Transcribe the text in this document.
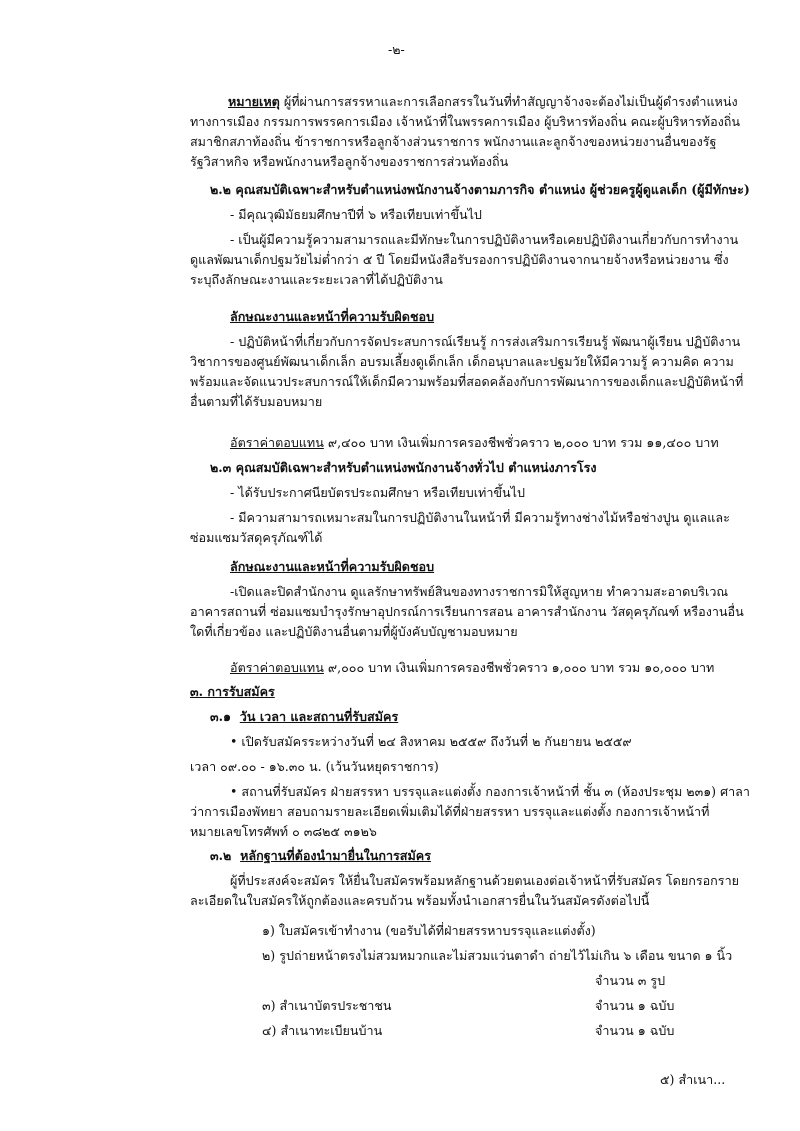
-๒-

หมายเหตุ ผู้ที่ผ่านการสรรหาและการเลือกสรรในวันที่ทำสัญญาจ้างจะต้องไม่เป็นผู้ดำรงตำแหน่งทางการเมือง กรรมการพรรคการเมือง เจ้าหน้าที่ในพรรคการเมือง ผู้บริหารท้องถิ่น คณะผู้บริหารท้องถิ่น สมาชิกสภาท้องถิ่น ข้าราชการหรือลูกจ้างส่วนราชการ พนักงานและลูกจ้างของหน่วยงานอื่นของรัฐ รัฐวิสาหกิจ หรือพนักงานหรือลูกจ้างของราชการส่วนท้องถิ่น

๒.๒ คุณสมบัติเฉพาะสำหรับตำแหน่งพนักงานจ้างตามภารกิจ ตำแหน่ง ผู้ช่วยครูผู้ดูแลเด็ก (ผู้มีทักษะ)
- มีคุณวุฒิมัธยมศึกษาปีที่ ๖ หรือเทียบเท่าขึ้นไป

- เป็นผู้มีความรู้ความสามารถและมีทักษะในการปฏิบัติงานหรือเคยปฏิบัติงานเกี่ยวกับการทำงานดูแลพัฒนาเด็กปฐมวัยไม่ต่ำกว่า ๕ ปี โดยมีหนังสือรับรองการปฏิบัติงานจากนายจ้างหรือหน่วยงาน ซึ่งระบุถึงลักษณะงานและระยะเวลาที่ได้ปฏิบัติงาน

ลักษณะงานและหน้าที่ความรับผิดชอบ

- ปฏิบัติหน้าที่เกี่ยวกับการจัดประสบการณ์เรียนรู้ การส่งเสริมการเรียนรู้ พัฒนาผู้เรียน ปฏิบัติงานวิชาการของศูนย์พัฒนาเด็กเล็ก อบรมเลี้ยงดูเด็กเล็ก เด็กอนุบาลและปฐมวัยให้มีความรู้ ความคิด ความพร้อมและจัดแนวประสบการณ์ให้เด็กมีความพร้อมที่สอดคล้องกับการพัฒนาการของเด็กและปฏิบัติหน้าที่อื่นตามที่ได้รับมอบหมาย

อัตราค่าตอบแทน ๙,๔๐๐ บาท เงินเพิ่มการครองชีพชั่วคราว ๒,๐๐๐ บาท รวม ๑๑,๔๐๐ บาท
๒.๓ คุณสมบัติเฉพาะสำหรับตำแหน่งพนักงานจ้างทั่วไป ตำแหน่งภารโรง
- ได้รับประกาศนียบัตรประถมศึกษา หรือเทียบเท่าขึ้นไป

- มีความสามารถเหมาะสมในการปฏิบัติงานในหน้าที่ มีความรู้ทางช่างไม้หรือช่างปูน ดูแลและซ่อมแซมวัสดุครุภัณฑ์ได้

ลักษณะงานและหน้าที่ความรับผิดชอบ

-เปิดและปิดสำนักงาน ดูแลรักษาทรัพย์สินของทางราชการมิให้สูญหาย ทำความสะอาดบริเวณอาคารสถานที่ ซ่อมแซมบำรุงรักษาอุปกรณ์การเรียนการสอน อาคารสำนักงาน วัสดุครุภัณฑ์ หรืองานอื่นใดที่เกี่ยวข้อง และปฏิบัติงานอื่นตามที่ผู้บังคับบัญชามอบหมาย

อัตราค่าตอบแทน ๙,๐๐๐ บาท เงินเพิ่มการครองชีพชั่วคราว ๑,๐๐๐ บาท รวม ๑๐,๐๐๐ บาท
๓. การรับสมัคร
๓.๑ วัน เวลา และสถานที่รับสมัคร
• เปิดรับสมัครระหว่างวันที่ ๒๔ สิงหาคม ๒๕๕๙ ถึงวันที่ ๒ กันยายน ๒๕๕๙
เวลา ๐๙.๐๐ - ๑๖.๓๐ น. (เว้นวันหยุดราชการ)

• สถานที่รับสมัคร ฝ่ายสรรหา บรรจุและแต่งตั้ง กองการเจ้าหน้าที่ ชั้น ๓ (ห้องประชุม ๒๓๑) ศาลาว่าการเมืองพัทยา สอบถามรายละเอียดเพิ่มเติมได้ที่ฝ่ายสรรหา บรรจุและแต่งตั้ง กองการเจ้าหน้าที่ หมายเลขโทรศัพท์ ๐ ๓๘๒๕ ๓๑๒๖

๓.๒ หลักฐานที่ต้องนำมายื่นในการสมัคร

ผู้ที่ประสงค์จะสมัคร ให้ยื่นใบสมัครพร้อมหลักฐานด้วยตนเองต่อเจ้าหน้าที่รับสมัคร โดยกรอกรายละเอียดในใบสมัครให้ถูกต้องและครบถ้วน พร้อมทั้งนำเอกสารยื่นในวันสมัครดังต่อไปนี้

๑) ใบสมัครเข้าทำงาน (ขอรับได้ที่ฝ่ายสรรหาบรรจุและแต่งตั้ง)
๒) รูปถ่ายหน้าตรงไม่สวมหมวกและไม่สวมแว่นตาดำ ถ่ายไว้ไม่เกิน ๖ เดือน ขนาด ๑ นิ้ว
จำนวน ๓ รูป
๓) สำเนาบัตรประชาชน	จำนวน ๑ ฉบับ
๔) สำเนาทะเบียนบ้าน	จำนวน ๑ ฉบับ
๕) สำเนา...
